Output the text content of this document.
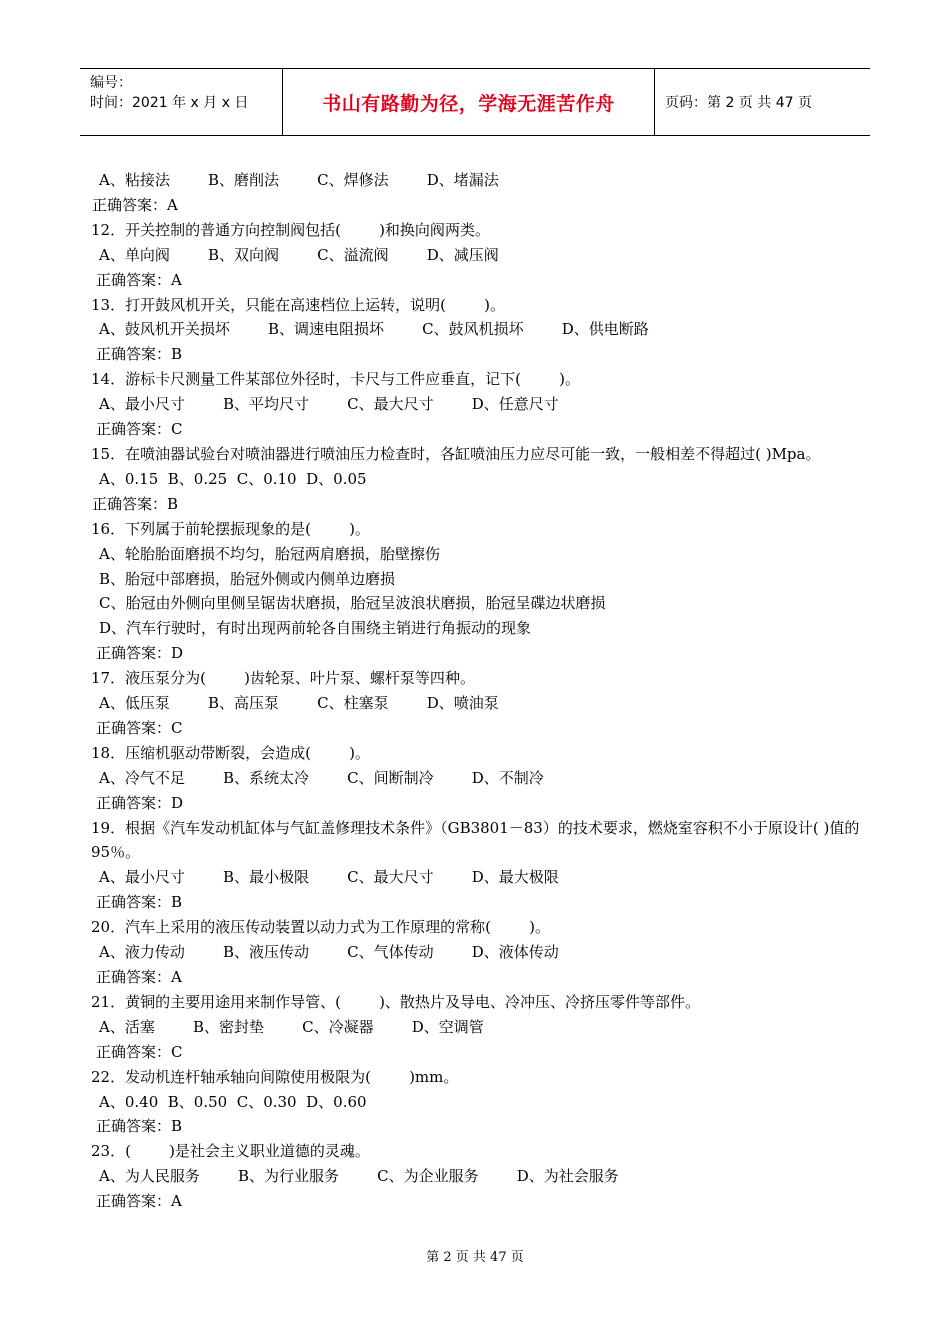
编号：
时间：2021 年 x 月 x 日	书山有路勤为径，学海无涯苦作舟	页码：第 2 页 共 47 页
A、粘接法        B、磨削法        C、焊修法        D、堵漏法
正确答案：A
12．开关控制的普通方向控制阀包括(        )和换向阀两类。
A、单向阀        B、双向阀        C、溢流阀        D、减压阀
正确答案：A
13．打开鼓风机开关，只能在高速档位上运转，说明(        )。
A、鼓风机开关损坏        B、调速电阻损坏        C、鼓风机损坏        D、供电断路
正确答案：B
14．游标卡尺测量工件某部位外径时，卡尺与工件应垂直，记下(        )。
A、最小尺寸        B、平均尺寸        C、最大尺寸        D、任意尺寸
正确答案：C
15．在喷油器试验台对喷油器进行喷油压力检查时，各缸喷油压力应尽可能一致，一般相差不得超过( )Mpa。
A、0.15  B、0.25  C、0.10  D、0.05
正确答案：B
16．下列属于前轮摆振现象的是(        )。
A、轮胎胎面磨损不均匀，胎冠两肩磨损，胎壁擦伤
B、胎冠中部磨损，胎冠外侧或内侧单边磨损
C、胎冠由外侧向里侧呈锯齿状磨损，胎冠呈波浪状磨损，胎冠呈碟边状磨损
D、汽车行驶时，有时出现两前轮各自围绕主销进行角振动的现象
正确答案：D
17．液压泵分为(        )齿轮泵、叶片泵、螺杆泵等四种。
A、低压泵        B、高压泵        C、柱塞泵        D、喷油泵
正确答案：C
18．压缩机驱动带断裂，会造成(        )。
A、冷气不足        B、系统太冷        C、间断制冷        D、不制冷
正确答案：D
19．根据《汽车发动机缸体与气缸盖修理技术条件》（GB3801－83）的技术要求，燃烧室容积不小于原设计( )值的 95％。
A、最小尺寸        B、最小极限        C、最大尺寸        D、最大极限
正确答案：B
20．汽车上采用的液压传动装置以动力式为工作原理的常称(        )。
A、液力传动        B、液压传动        C、气体传动        D、液体传动
正确答案：A
21．黄铜的主要用途用来制作导管、(        )、散热片及导电、冷冲压、冷挤压零件等部件。
A、活塞        B、密封垫        C、冷凝器        D、空调管
正确答案：C
22．发动机连杆轴承轴向间隙使用极限为(        )mm。
A、0.40  B、0.50  C、0.30  D、0.60
正确答案：B
23．(        )是社会主义职业道德的灵魂。
A、为人民服务        B、为行业服务        C、为企业服务        D、为社会服务
正确答案：A
第 2 页 共 47 页
